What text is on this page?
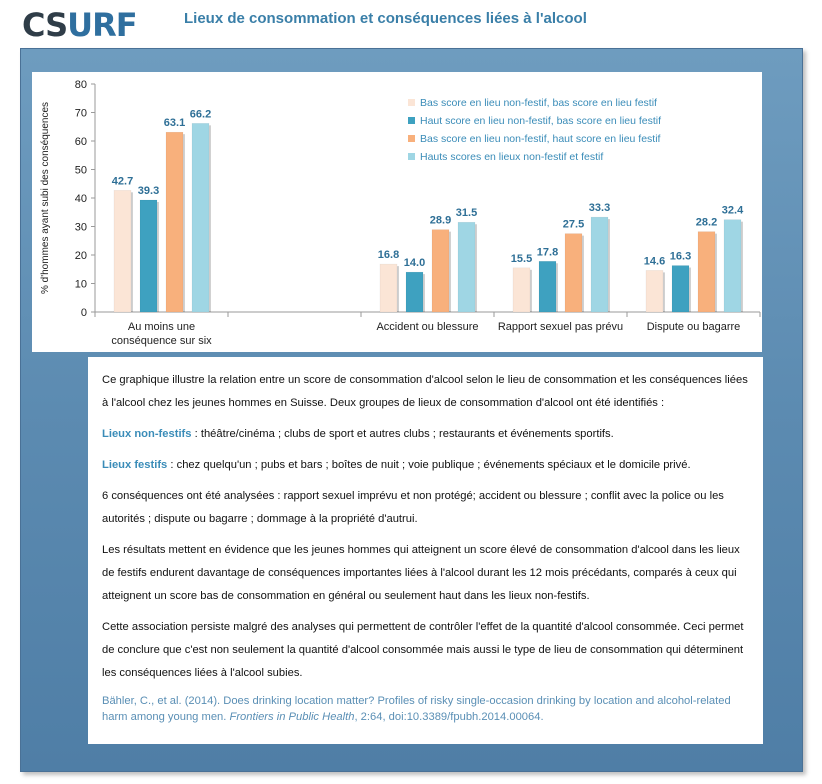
CSURF	Lieux de consommation et conséquences liées à l'alcool
0
10
20
30
40
50
60
70
80
% d'hommes ayant subi des conséquences	42.7
39.3
63.1
66.2
Au moins une
conséquence sur six
16.8
14.0
28.9
31.5
Accident ou blessure
15.5
17.8
27.5
33.3
Rapport sexuel pas prévu
14.6 16.3
28.2
32.4
Dispute ou bagarre
Bas score en lieu non-festif, bas score en lieu festif
Haut score en lieu non-festif, bas score en lieu festif
Bas score en lieu non-festif, haut score en lieu festif
Hauts scores en lieux non-festif et festif

Ce graphique illustre la relation entre un score de consommation d'alcool selon le lieu de consommation et les conséquences liées à l'alcool chez les jeunes hommes en Suisse. Deux groupes de lieux de consommation d'alcool ont été identifiés :

Lieux non-festifs : théâtre/cinéma ; clubs de sport et autres clubs ; restaurants et événements sportifs.

Lieux festifs : chez quelqu'un ; pubs et bars ; boîtes de nuit ; voie publique ; événements spéciaux et le domicile privé.

6 conséquences ont été analysées : rapport sexuel imprévu et non protégé; accident ou blessure ; conflit avec la police ou les autorités ; dispute ou bagarre ; dommage à la propriété d'autrui.

Les résultats mettent en évidence que les jeunes hommes qui atteignent un score élevé de consommation d'alcool dans les lieux de festifs endurent davantage de conséquences importantes liées à l'alcool durant les 12 mois précédants, comparés à ceux qui atteignent un score bas de consommation en général ou seulement haut dans les lieux non-festifs.

Cette association persiste malgré des analyses qui permettent de contrôler l'effet de la quantité d'alcool consommée. Ceci permet de conclure que c'est non seulement la quantité d'alcool consommée mais aussi le type de lieu de consommation qui déterminent les conséquences liées à l'alcool subies.

Bähler, C., et al. (2014). Does drinking location matter? Profiles of risky single-occasion drinking by location and alcohol-related harm among young men. Frontiers in Public Health, 2:64, doi:10.3389/fpubh.2014.00064.
